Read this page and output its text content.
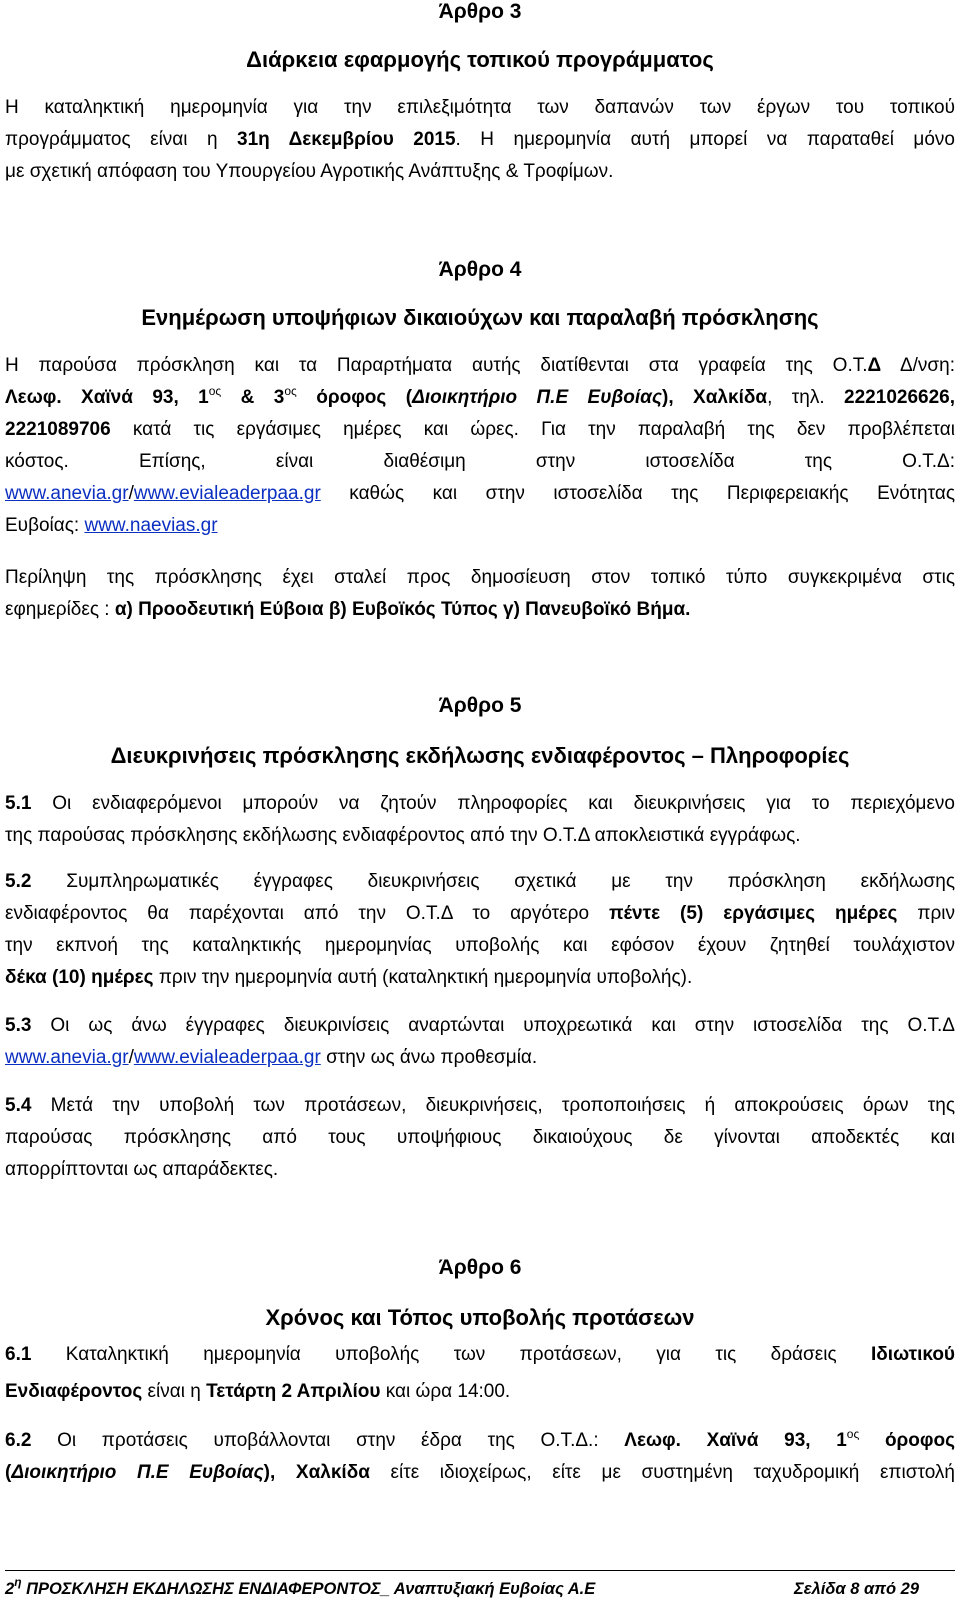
Άρθρο 3
Διάρκεια εφαρμογής τοπικού προγράμματος
Η καταληκτική ημερομηνία για την επιλεξιμότητα των δαπανών των έργων του τοπικού
προγράμματος είναι η 31η Δεκεμβρίου 2015. Η ημερομηνία αυτή μπορεί να παραταθεί μόνο
με σχετική απόφαση του Υπουργείου Αγροτικής Ανάπτυξης & Τροφίμων.
Άρθρο 4
Ενημέρωση υποψήφιων δικαιούχων και παραλαβή πρόσκλησης
Η παρούσα πρόσκληση και τα Παραρτήματα αυτής διατίθενται στα γραφεία της Ο.Τ.Δ Δ/νση:
Λεωφ. Χαϊνά 93, $1^{o\varsigma}$ & $3^{o\varsigma}$ όροφος (Διοικητήριο Π.Ε Ευβοίας), Χαλκίδα, τηλ. 2221026626,
2221089706 κατά τις εργάσιμες ημέρες και ώρες. Για την παραλαβή της δεν προβλέπεται
κόστος. Επίσης, είναι διαθέσιμη στην ιστοσελίδα της Ο.Τ.Δ:
www.anevia.gr/www.evialeaderpaa.gr καθώς και στην ιστοσελίδα της Περιφερειακής Ενότητας
Ευβοίας: www.naevias.gr
Περίληψη της πρόσκλησης έχει σταλεί προς δημοσίευση στον τοπικό τύπο συγκεκριμένα στις
εφημερίδες : α) Προοδευτική Εύβοια β) Ευβοϊκός Τύπος γ) Πανευβοϊκό Βήμα.
Άρθρο 5
Διευκρινήσεις πρόσκλησης εκδήλωσης ενδιαφέροντος – Πληροφορίες
5.1 Οι ενδιαφερόμενοι μπορούν να ζητούν πληροφορίες και διευκρινήσεις για το περιεχόμενο
της παρούσας πρόσκλησης εκδήλωσης ενδιαφέροντος από την Ο.Τ.Δ αποκλειστικά εγγράφως.
5.2 Συμπληρωματικές έγγραφες διευκρινήσεις σχετικά με την πρόσκληση εκδήλωσης
ενδιαφέροντος θα παρέχονται από την Ο.Τ.Δ το αργότερο πέντε (5) εργάσιμες ημέρες πριν
την εκπνοή της καταληκτικής ημερομηνίας υποβολής και εφόσον έχουν ζητηθεί τουλάχιστον
δέκα (10) ημέρες πριν την ημερομηνία αυτή (καταληκτική ημερομηνία υποβολής).
5.3 Οι ως άνω έγγραφες διευκρινίσεις αναρτώνται υποχρεωτικά και στην ιστοσελίδα της Ο.Τ.Δ
www.anevia.gr/www.evialeaderpaa.gr στην ως άνω προθεσμία.
5.4 Μετά την υποβολή των προτάσεων, διευκρινήσεις, τροποποιήσεις ή αποκρούσεις όρων της
παρούσας πρόσκλησης από τους υποψήφιους δικαιούχους δε γίνονται αποδεκτές και
απορρίπτονται ως απαράδεκτες.
Άρθρο 6
Χρόνος και Τόπος υποβολής προτάσεων
6.1 Καταληκτική ημερομηνία υποβολής των προτάσεων, για τις δράσεις Ιδιωτικού
Ενδιαφέροντος είναι η Τετάρτη 2 Απριλίου και ώρα 14:00.
6.2 Οι προτάσεις υποβάλλονται στην έδρα της Ο.Τ.Δ.: Λεωφ. Χαϊνά 93, $1^{o\varsigma}$ όροφος
(Διοικητήριο Π.Ε Ευβοίας), Χαλκίδα είτε ιδιοχείρως, είτε με συστημένη ταχυδρομική επιστολή
$2^\eta$ ΠΡΟΣΚΛΗΣΗ ΕΚΔΗΛΩΣΗΣ ΕΝΔΙΑΦΕΡΟΝΤΟΣ_ Αναπτυξιακή Ευβοίας Α.Ε	Σελίδα 8 από 29
